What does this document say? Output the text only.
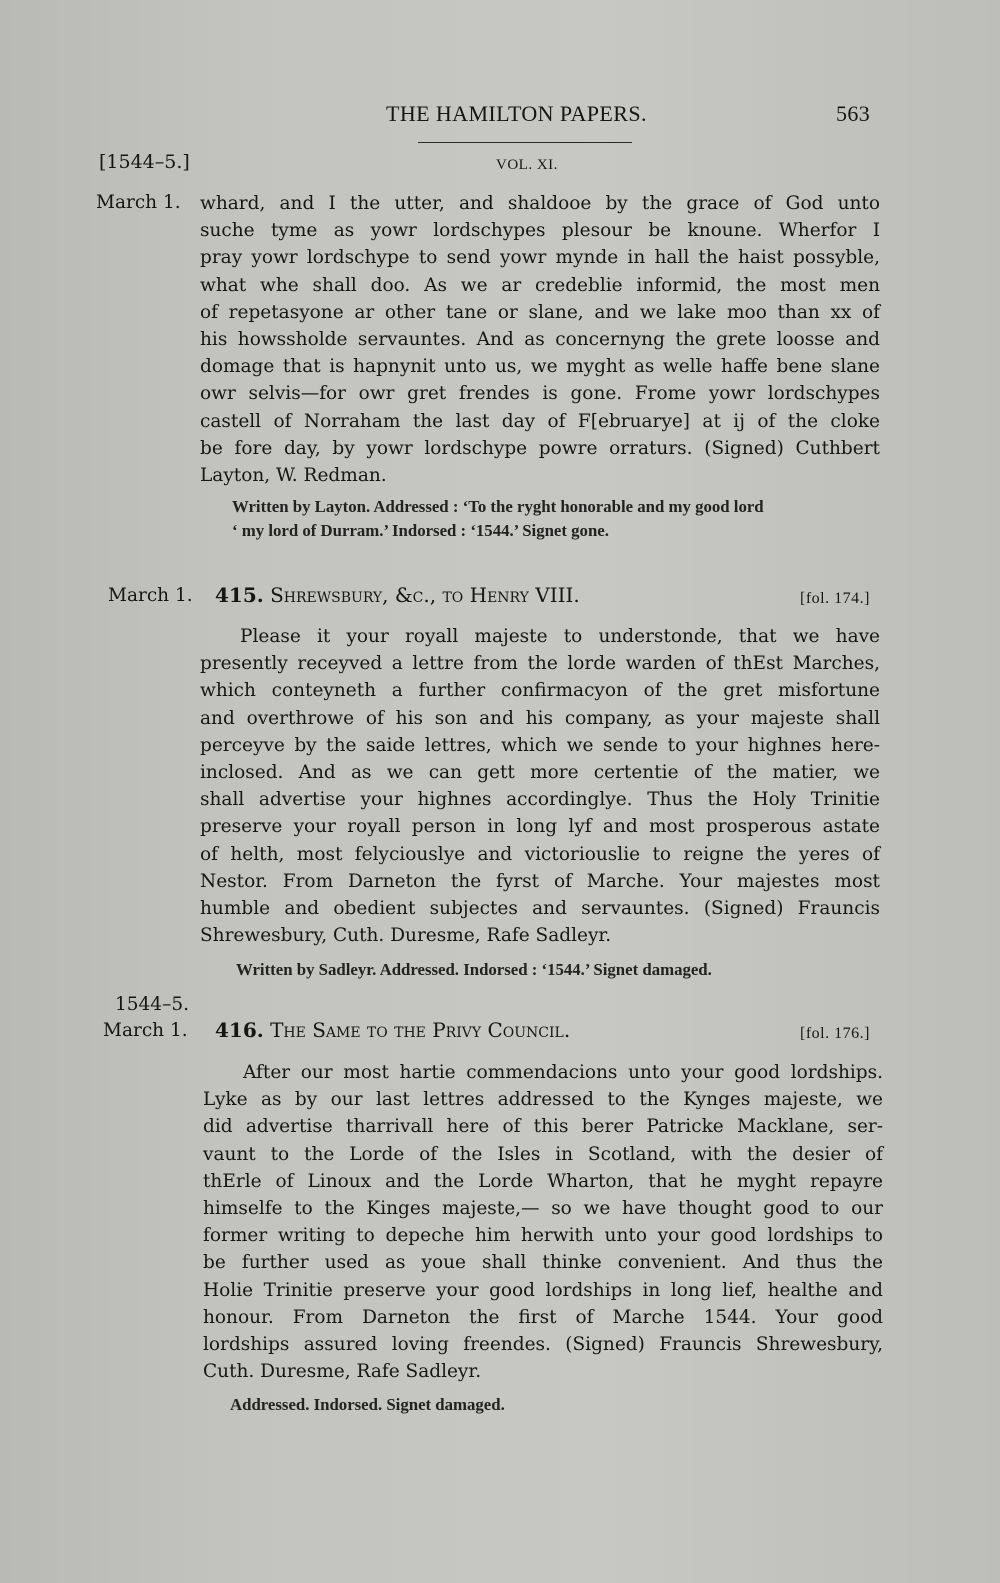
THE HAMILTON PAPERS.	563
[1544–5.]	VOL. XI.
March 1. whard, and I the utter, and shaldooe by the grace of God unto
suche tyme as yowr lordschypes plesour be knoune. Wherfor I
pray yowr lordschype to send yowr mynde in hall the haist possyble,
what whe shall doo. As we ar credeblie informid, the most men
of repetasyone ar other tane or slane, and we lake moo than xx of
his howssholde servauntes. And as concernyng the grete loosse and
domage that is hapnynit unto us, we myght as welle haffe bene slane
owr selvis—for owr gret frendes is gone. Frome yowr lordschypes
castell of Norraham the last day of F[ebruarye] at ij of the cloke
be fore day, by yowr lordschype powre orraturs. (Signed) Cuthbert
Layton, W. Redman.
Written by Layton. Addressed : ‘To the ryght honorable and my good lord
‘ my lord of Durram.’ Indorsed : ‘1544.’ Signet gone.
March 1. 415. Shrewsbury, &c., to Henry VIII.	[fol. 174.]
Please it your royall majeste to understonde, that we have
presently receyved a lettre from the lorde warden of thEst Marches,
which conteyneth a further confirmacyon of the gret misfortune
and overthrowe of his son and his company, as your majeste shall
perceyve by the saide lettres, which we sende to your highnes here-
inclosed. And as we can gett more certentie of the matier, we
shall advertise your highnes accordinglye. Thus the Holy Trinitie
preserve your royall person in long lyf and most prosperous astate
of helth, most felyciouslye and victoriouslie to reigne the yeres of
Nestor. From Darneton the fyrst of Marche. Your majestes most
humble and obedient subjectes and servauntes. (Signed) Frauncis
Shrewesbury, Cuth. Duresme, Rafe Sadleyr.
Written by Sadleyr. Addressed. Indorsed : ‘1544.’ Signet damaged.
1544–5.
March 1. 416. The Same to the Privy Council.	[fol. 176.]
After our most hartie commendacions unto your good lordships.
Lyke as by our last lettres addressed to the Kynges majeste, we
did advertise tharrivall here of this berer Patricke Macklane, ser-
vaunt to the Lorde of the Isles in Scotland, with the desier of
thErle of Linoux and the Lorde Wharton, that he myght repayre
himselfe to the Kinges majeste,— so we have thought good to our
former writing to depeche him herwith unto your good lordships to
be further used as youe shall thinke convenient. And thus the
Holie Trinitie preserve your good lordships in long lief, healthe and
honour. From Darneton the first of Marche 1544. Your good
lordships assured loving freendes. (Signed) Frauncis Shrewesbury,
Cuth. Duresme, Rafe Sadleyr.
Addressed. Indorsed. Signet damaged.
